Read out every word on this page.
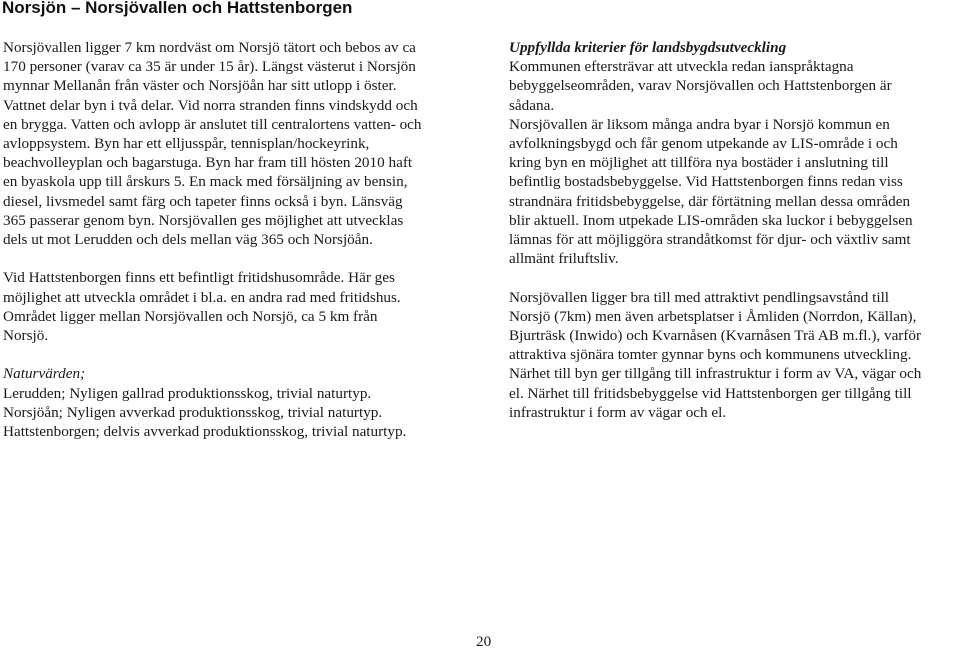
Norsjön – Norsjövallen och Hattstenborgen

Norsjövallen ligger 7 km nordväst om Norsjö tätort och bebos av ca

170 personer (varav ca 35 är under 15 år). Längst västerut i Norsjön

mynnar Mellanån från väster och Norsjöån har sitt utlopp i öster.

Vattnet delar byn i två delar. Vid norra stranden finns vindskydd och

en brygga. Vatten och avlopp är anslutet till centralortens vatten- och

avloppsystem. Byn har ett elljusspår, tennisplan/hockeyrink,

beachvolleyplan och bagarstuga. Byn har fram till hösten 2010 haft

en byaskola upp till årskurs 5. En mack med försäljning av bensin,

diesel, livsmedel samt färg och tapeter finns också i byn. Länsväg

365 passerar genom byn. Norsjövallen ges möjlighet att utvecklas

dels ut mot Lerudden och dels mellan väg 365 och Norsjöån.

Vid Hattstenborgen finns ett befintligt fritidshusområde. Här ges

möjlighet att utveckla området i bl.a. en andra rad med fritidshus.

Området ligger mellan Norsjövallen och Norsjö, ca 5 km från

Norsjö.

Naturvärden;

Lerudden; Nyligen gallrad produktionsskog, trivial naturtyp.

Norsjöån; Nyligen avverkad produktionsskog, trivial naturtyp.

Hattstenborgen; delvis avverkad produktionsskog, trivial naturtyp.

Uppfyllda kriterier för landsbygdsutveckling

Kommunen eftersträvar att utveckla redan ianspråktagna

bebyggelseområden, varav Norsjövallen och Hattstenborgen är

sådana.

Norsjövallen är liksom många andra byar i Norsjö kommun en

avfolkningsbygd och får genom utpekande av LIS-område i och

kring byn en möjlighet att tillföra nya bostäder i anslutning till

befintlig bostadsbebyggelse. Vid Hattstenborgen finns redan viss

strandnära fritidsbebyggelse, där förtätning mellan dessa områden

blir aktuell. Inom utpekade LIS-områden ska luckor i bebyggelsen

lämnas för att möjliggöra strandåtkomst för djur- och växtliv samt

allmänt friluftsliv.

Norsjövallen ligger bra till med attraktivt pendlingsavstånd till

Norsjö (7km) men även arbetsplatser i Åmliden (Norrdon, Källan),

Bjurträsk (Inwido) och Kvarnåsen (Kvarnåsen Trä AB m.fl.), varför

attraktiva sjönära tomter gynnar byns och kommunens utveckling.

Närhet till byn ger tillgång till infrastruktur i form av VA, vägar och

el. Närhet till fritidsbebyggelse vid Hattstenborgen ger tillgång till

infrastruktur i form av vägar och el.

20
